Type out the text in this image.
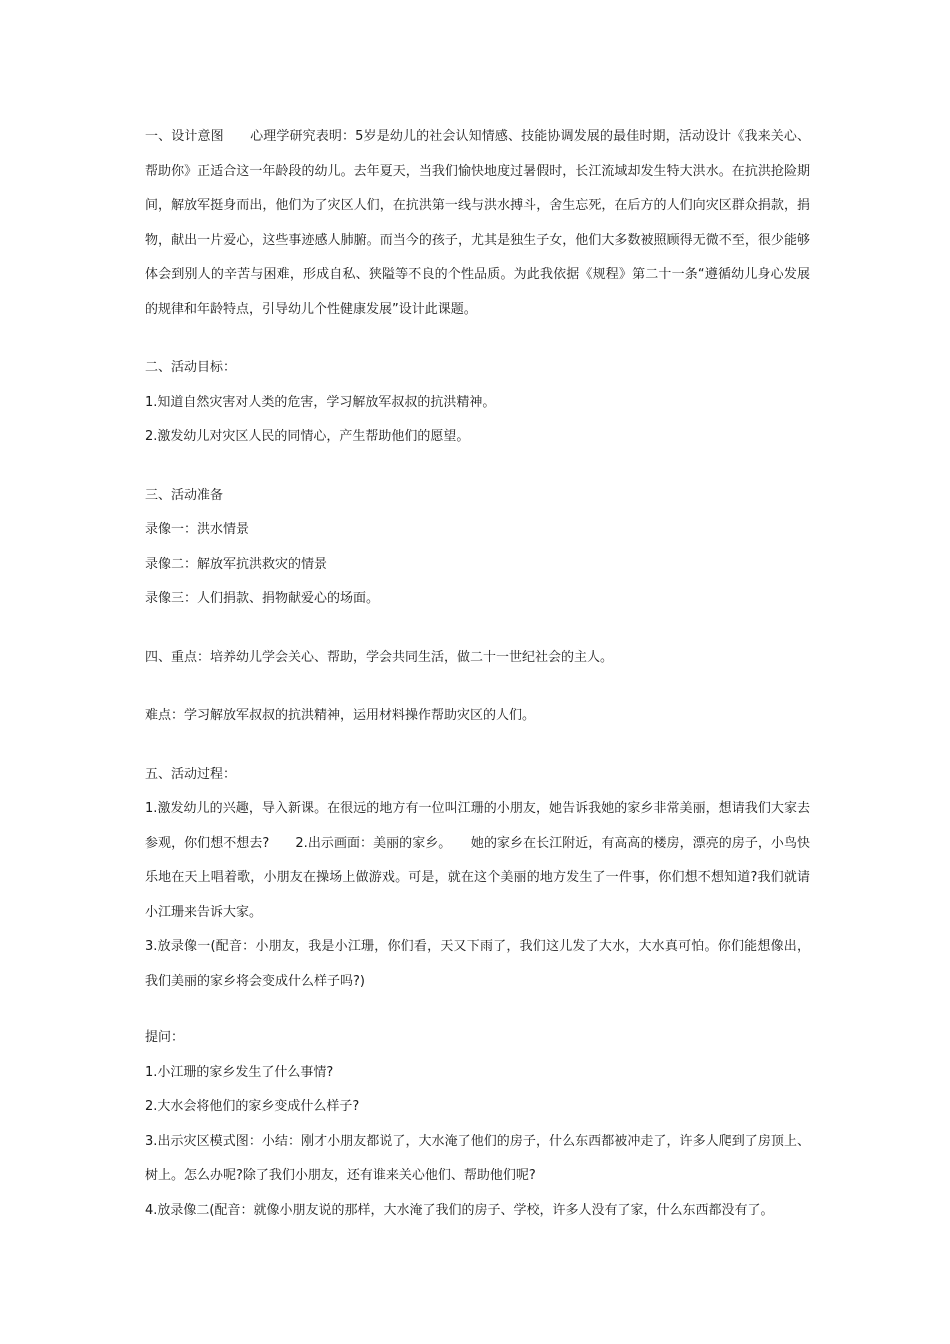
一、设计意图　　心理学研究表明：5岁是幼儿的社会认知情感、技能协调发展的最佳时期，活动设计《我来关心、帮助你》正适合这一年龄段的幼儿。去年夏天，当我们愉快地度过暑假时，长江流域却发生特大洪水。在抗洪抢险期间，解放军挺身而出，他们为了灾区人们，在抗洪第一线与洪水搏斗，舍生忘死，在后方的人们向灾区群众捐款，捐物，献出一片爱心，这些事迹感人肺腑。而当今的孩子，尤其是独生子女，他们大多数被照顾得无微不至，很少能够体会到别人的辛苦与困难，形成自私、狭隘等不良的个性品质。为此我依据《规程》第二十一条“遵循幼儿身心发展的规律和年龄特点，引导幼儿个性健康发展”设计此课题。

二、活动目标：

1.知道自然灾害对人类的危害，学习解放军叔叔的抗洪精神。

2.激发幼儿对灾区人民的同情心，产生帮助他们的愿望。

三、活动准备

录像一：洪水情景

录像二：解放军抗洪救灾的情景

录像三：人们捐款、捐物献爱心的场面。

四、重点：培养幼儿学会关心、帮助，学会共同生活，做二十一世纪社会的主人。

难点：学习解放军叔叔的抗洪精神，运用材料操作帮助灾区的人们。

五、活动过程：

1.激发幼儿的兴趣，导入新课。在很远的地方有一位叫江珊的小朋友，她告诉我她的家乡非常美丽，想请我们大家去参观，你们想不想去?　　2.出示画面：美丽的家乡。　　她的家乡在长江附近，有高高的楼房，漂亮的房子，小鸟快乐地在天上唱着歌，小朋友在操场上做游戏。可是，就在这个美丽的地方发生了一件事，你们想不想知道?我们就请小江珊来告诉大家。

3.放录像一(配音：小朋友，我是小江珊，你们看，天又下雨了，我们这儿发了大水，大水真可怕。你们能想像出，我们美丽的家乡将会变成什么样子吗?)

提问：

1.小江珊的家乡发生了什么事情?

2.大水会将他们的家乡变成什么样子?

3.出示灾区模式图：小结：刚才小朋友都说了，大水淹了他们的房子，什么东西都被冲走了，许多人爬到了房顶上、树上。怎么办呢?除了我们小朋友，还有谁来关心他们、帮助他们呢?

4.放录像二(配音：就像小朋友说的那样，大水淹了我们的房子、学校，许多人没有了家，什么东西都没有了。
